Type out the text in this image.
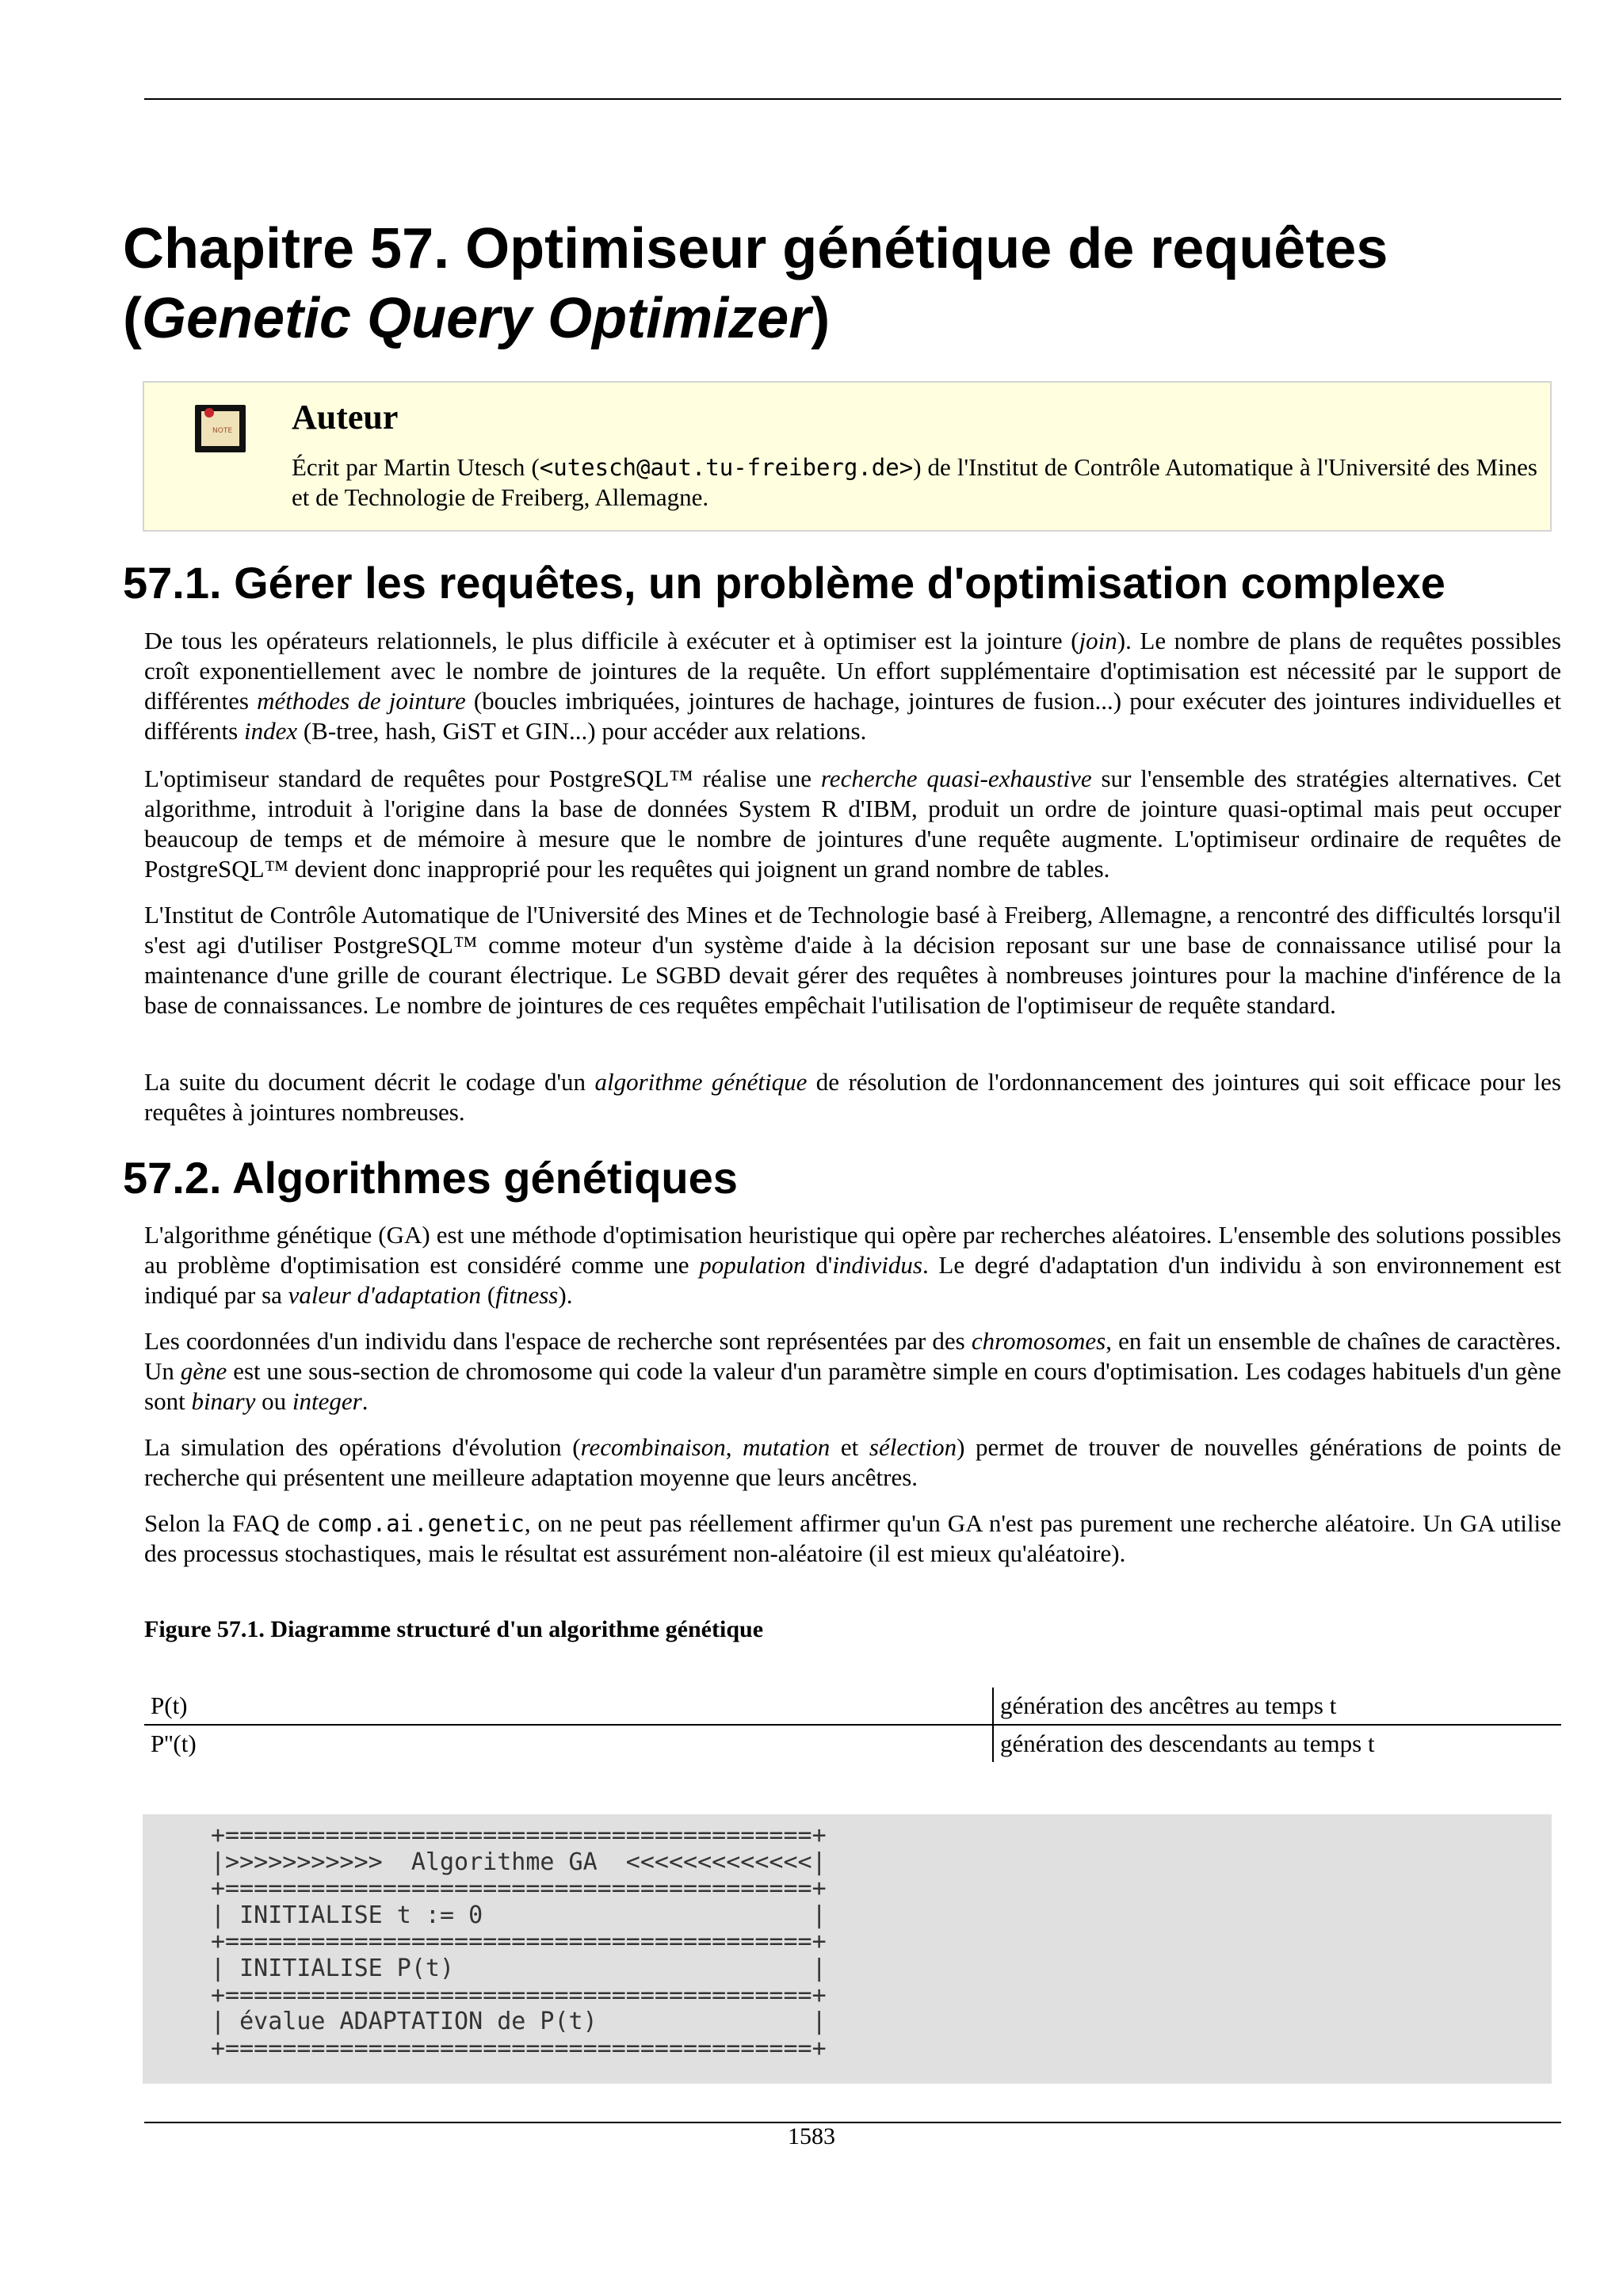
Chapitre 57. Optimiseur génétique de requêtes
(Genetic Query Optimizer)
NOTE Auteur
Écrit par Martin Utesch (<utesch@aut.tu-freiberg.de>) de l'Institut de Contrôle Automatique à l'Université des Mines et de Technologie de Freiberg, Allemagne.
57.1. Gérer les requêtes, un problème d'optimisation complexe

De tous les opérateurs relationnels, le plus difficile à exécuter et à optimiser est la jointure (join). Le nombre de plans de requêtes possibles croît exponentiellement avec le nombre de jointures de la requête. Un effort supplémentaire d'optimisation est nécessité par le support de différentes méthodes de jointure (boucles imbriquées, jointures de hachage, jointures de fusion...) pour exécuter des jointures individuelles et différents index (B-tree, hash, GiST et GIN...) pour accéder aux relations.

L'optimiseur standard de requêtes pour PostgreSQL™ réalise une recherche quasi-exhaustive sur l'ensemble des stratégies alternatives. Cet algorithme, introduit à l'origine dans la base de données System R d'IBM, produit un ordre de jointure quasi-optimal mais peut occuper beaucoup de temps et de mémoire à mesure que le nombre de jointures d'une requête augmente. L'optimiseur ordinaire de requêtes de PostgreSQL™ devient donc inapproprié pour les requêtes qui joignent un grand nombre de tables.

L'Institut de Contrôle Automatique de l'Université des Mines et de Technologie basé à Freiberg, Allemagne, a rencontré des difficultés lorsqu'il s'est agi d'utiliser PostgreSQL™ comme moteur d'un système d'aide à la décision reposant sur une base de connaissance utilisé pour la maintenance d'une grille de courant électrique. Le SGBD devait gérer des requêtes à nombreuses jointures pour la machine d'inférence de la base de connaissances. Le nombre de jointures de ces requêtes empêchait l'utilisation de l'optimiseur de requête standard.

La suite du document décrit le codage d'un algorithme génétique de résolution de l'ordonnancement des jointures qui soit efficace pour les requêtes à jointures nombreuses.

57.2. Algorithmes génétiques

L'algorithme génétique (GA) est une méthode d'optimisation heuristique qui opère par recherches aléatoires. L'ensemble des solutions possibles au problème d'optimisation est considéré comme une population d'individus. Le degré d'adaptation d'un individu à son environnement est indiqué par sa valeur d'adaptation (fitness).

Les coordonnées d'un individu dans l'espace de recherche sont représentées par des chromosomes, en fait un ensemble de chaînes de caractères. Un gène est une sous-section de chromosome qui code la valeur d'un paramètre simple en cours d'optimisation. Les codages habituels d'un gène sont binary ou integer.

La simulation des opérations d'évolution (recombinaison, mutation et sélection) permet de trouver de nouvelles générations de points de recherche qui présentent une meilleure adaptation moyenne que leurs ancêtres.

Selon la FAQ de comp.ai.genetic, on ne peut pas réellement affirmer qu'un GA n'est pas purement une recherche aléatoire. Un GA utilise des processus stochastiques, mais le résultat est assurément non-aléatoire (il est mieux qu'aléatoire).

Figure 57.1. Diagramme structuré d'un algorithme génétique

P(t)	génération des ancêtres au temps t
P''(t)	génération des descendants au temps t
+=========================================+
|>>>>>>>>>>>  Algorithme GA  <<<<<<<<<<<<<|
+=========================================+
| INITIALISE t := 0                       |
+=========================================+
| INITIALISE P(t)                         |
+=========================================+
| évalue ADAPTATION de P(t)               |
+=========================================+
1583
